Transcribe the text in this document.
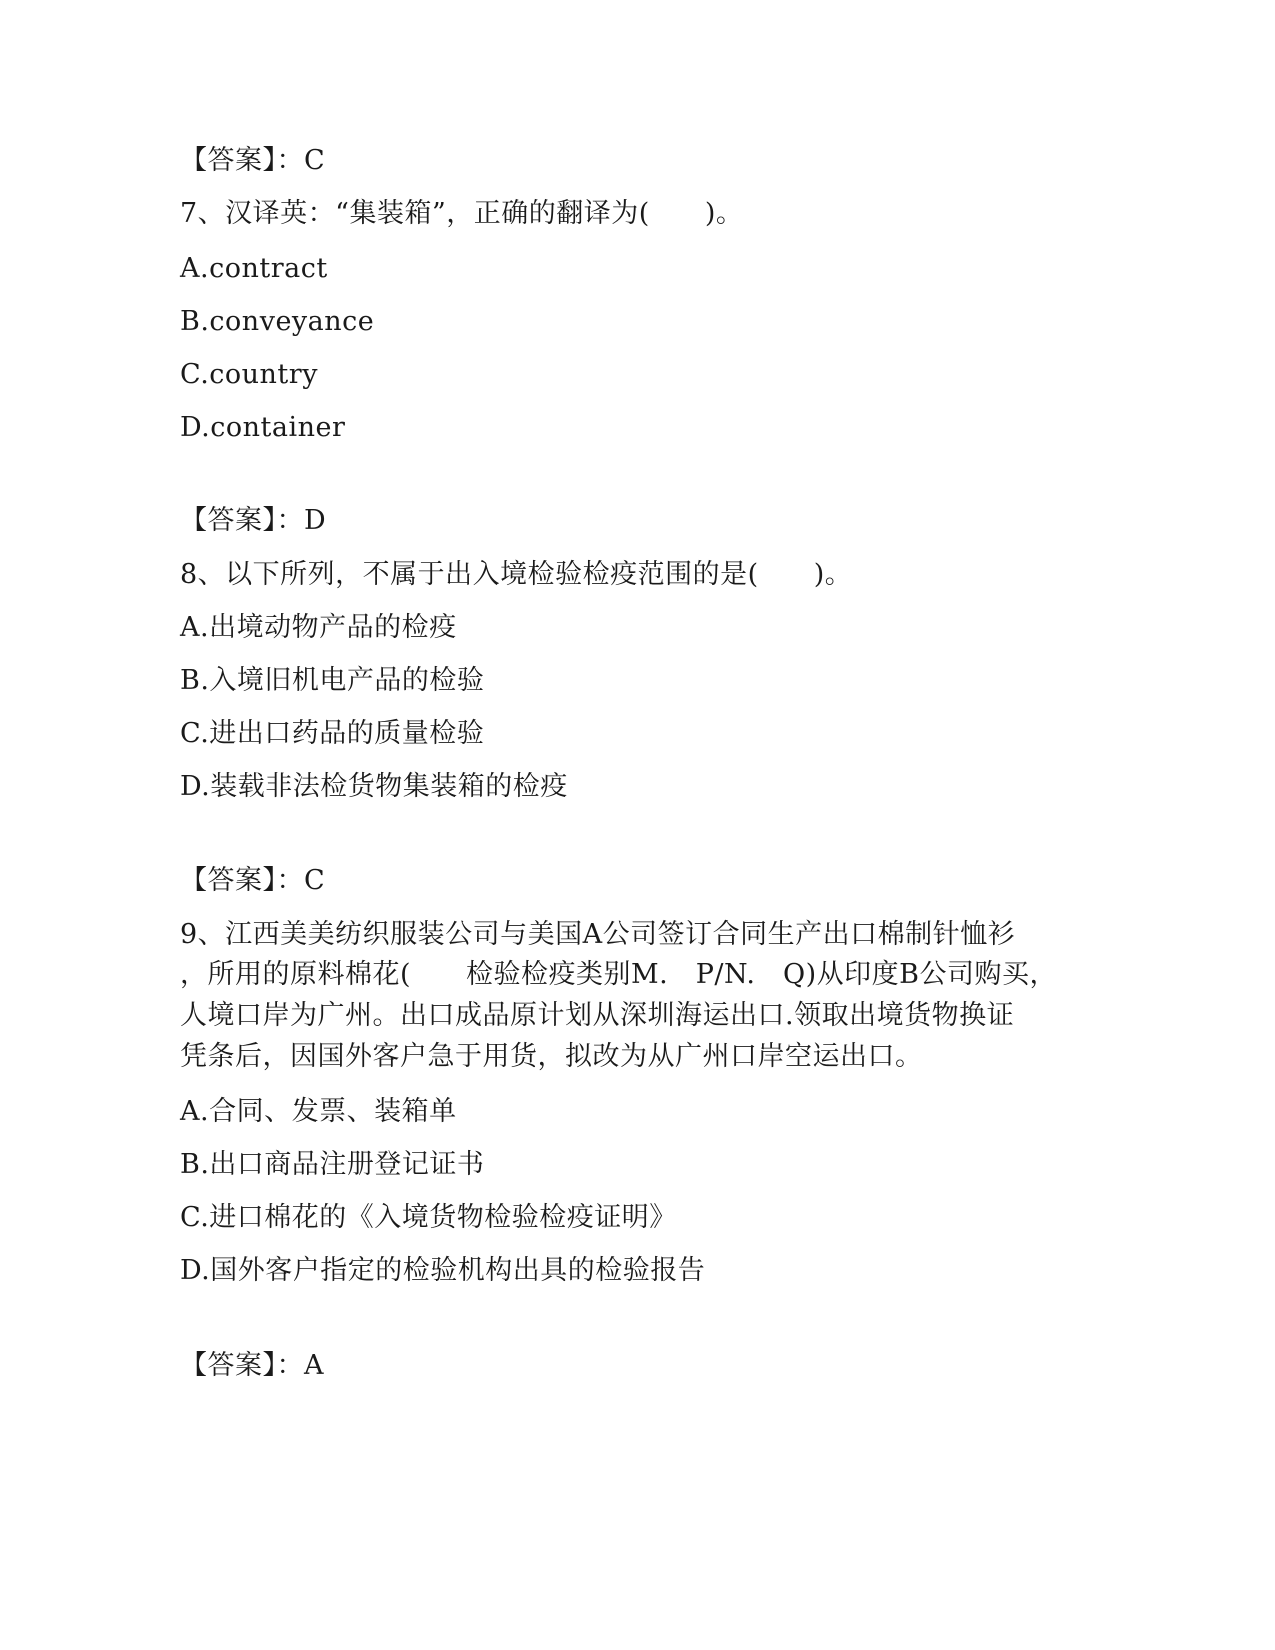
【答案】：C
7、汉译英：“集装箱”，正确的翻译为(　　)。
A.contract
B.conveyance
C.country
D.container
【答案】：D
8、以下所列，不属于出入境检验检疫范围的是(　　)。
A.出境动物产品的检疫
B.入境旧机电产品的检验
C.进出口药品的质量检验
D.装载非法检货物集装箱的检疫
【答案】：C
9、江西美美纺织服装公司与美国A公司签订合同生产出口棉制针恤衫
，所用的原料棉花(　　检验检疫类别M.　P/N.　Q)从印度B公司购买，
人境口岸为广州。出口成品原计划从深圳海运出口.领取出境货物换证
凭条后，因国外客户急于用货，拟改为从广州口岸空运出口。
A.合同、发票、装箱单
B.出口商品注册登记证书
C.进口棉花的《入境货物检验检疫证明》
D.国外客户指定的检验机构出具的检验报告
【答案】：A
